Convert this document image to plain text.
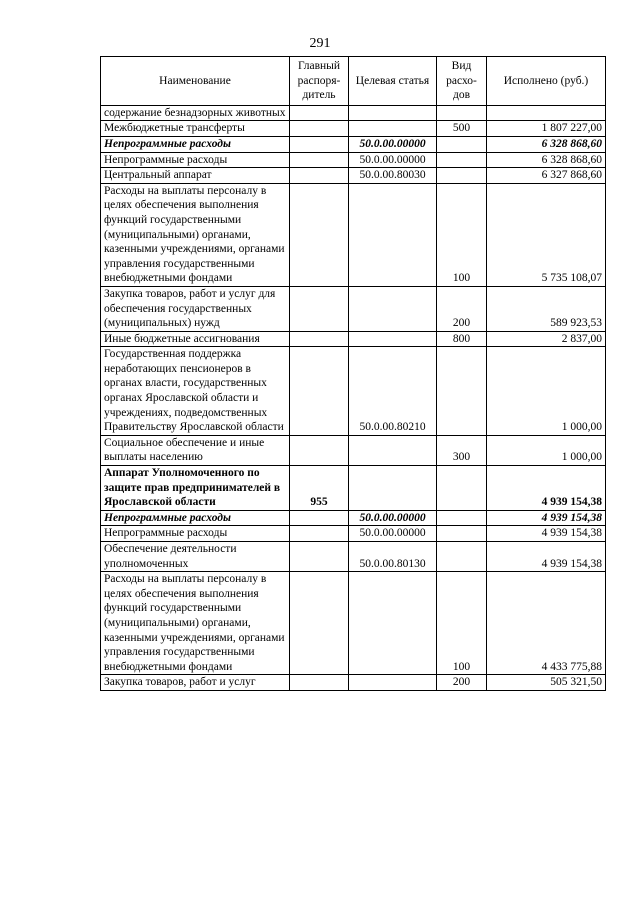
291
Наименование	Главный распоря-дитель	Целевая статья	Вид расхо-дов	Исполнено (руб.)
содержание безнадзорных животных				
Межбюджетные трансферты			500	1 807 227,00
Непрограммные расходы		50.0.00.00000		6 328 868,60
Непрограммные расходы		50.0.00.00000		6 328 868,60
Центральный аппарат		50.0.00.80030		6 327 868,60
Расходы на выплаты персоналу в целях обеспечения выполнения функций государственными (муниципальными) органами, казенными учреждениями, органами управления государственными внебюджетными фондами			100	5 735 108,07
Закупка товаров, работ и услуг для обеспечения государственных (муниципальных) нужд			200	589 923,53
Иные бюджетные ассигнования			800	2 837,00
Государственная поддержка неработающих пенсионеров в органах власти, государственных органах Ярославской области и учреждениях, подведомственных Правительству Ярославской области		50.0.00.80210		1 000,00
Социальное обеспечение и иные выплаты населению			300	1 000,00
Аппарат Уполномоченного по защите прав предпринимателей в Ярославской области	955			4 939 154,38
Непрограммные расходы		50.0.00.00000		4 939 154,38
Непрограммные расходы		50.0.00.00000		4 939 154,38
Обеспечение деятельности уполномоченных		50.0.00.80130		4 939 154,38
Расходы на выплаты персоналу в целях обеспечения выполнения функций государственными (муниципальными) органами, казенными учреждениями, органами управления государственными внебюджетными фондами			100	4 433 775,88
Закупка товаров, работ и услуг			200	505 321,50
